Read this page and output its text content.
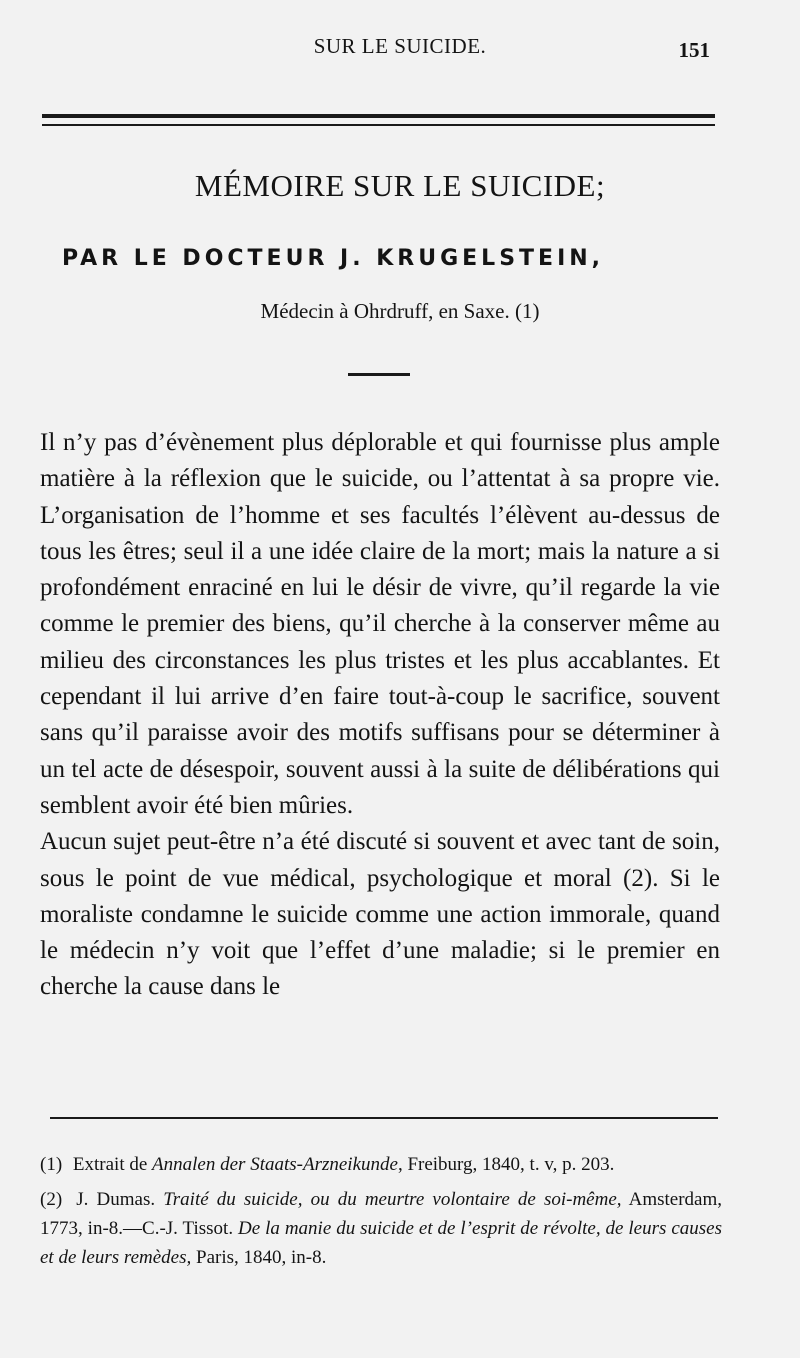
SUR LE SUICIDE.	151
MÉMOIRE SUR LE SUICIDE;
PAR LE DOCTEUR J. KRUGELSTEIN,
Médecin à Ohrdruff, en Saxe. (1)

Il n’y pas d’évènement plus déplorable et qui fournisse plus ample matière à la réflexion que le suicide, ou l’attentat à sa propre vie. L’organisation de l’homme et ses facultés l’élèvent au-dessus de tous les êtres; seul il a une idée claire de la mort; mais la nature a si profondément enraciné en lui le désir de vivre, qu’il regarde la vie comme le premier des biens, qu’il cherche à la conserver même au milieu des circonstances les plus tristes et les plus accablantes. Et cependant il lui arrive d’en faire tout-à-coup le sacrifice, souvent sans qu’il paraisse avoir des motifs suffisans pour se déterminer à un tel acte de désespoir, souvent aussi à la suite de délibérations qui semblent avoir été bien mûries.

Aucun sujet peut-être n’a été discuté si souvent et avec tant de soin, sous le point de vue médical, psychologique et moral (2). Si le moraliste condamne le suicide comme une action immorale, quand le médecin n’y voit que l’effet d’une maladie; si le premier en cherche la cause dans le

(1) Extrait de Annalen der Staats-Arzneikunde, Freiburg, 1840, t. v, p. 203.

(2) J. Dumas. Traité du suicide, ou du meurtre volontaire de soi-même, Amsterdam, 1773, in-8.—C.-J. Tissot. De la manie du suicide et de l’esprit de révolte, de leurs causes et de leurs remèdes, Paris, 1840, in-8.
